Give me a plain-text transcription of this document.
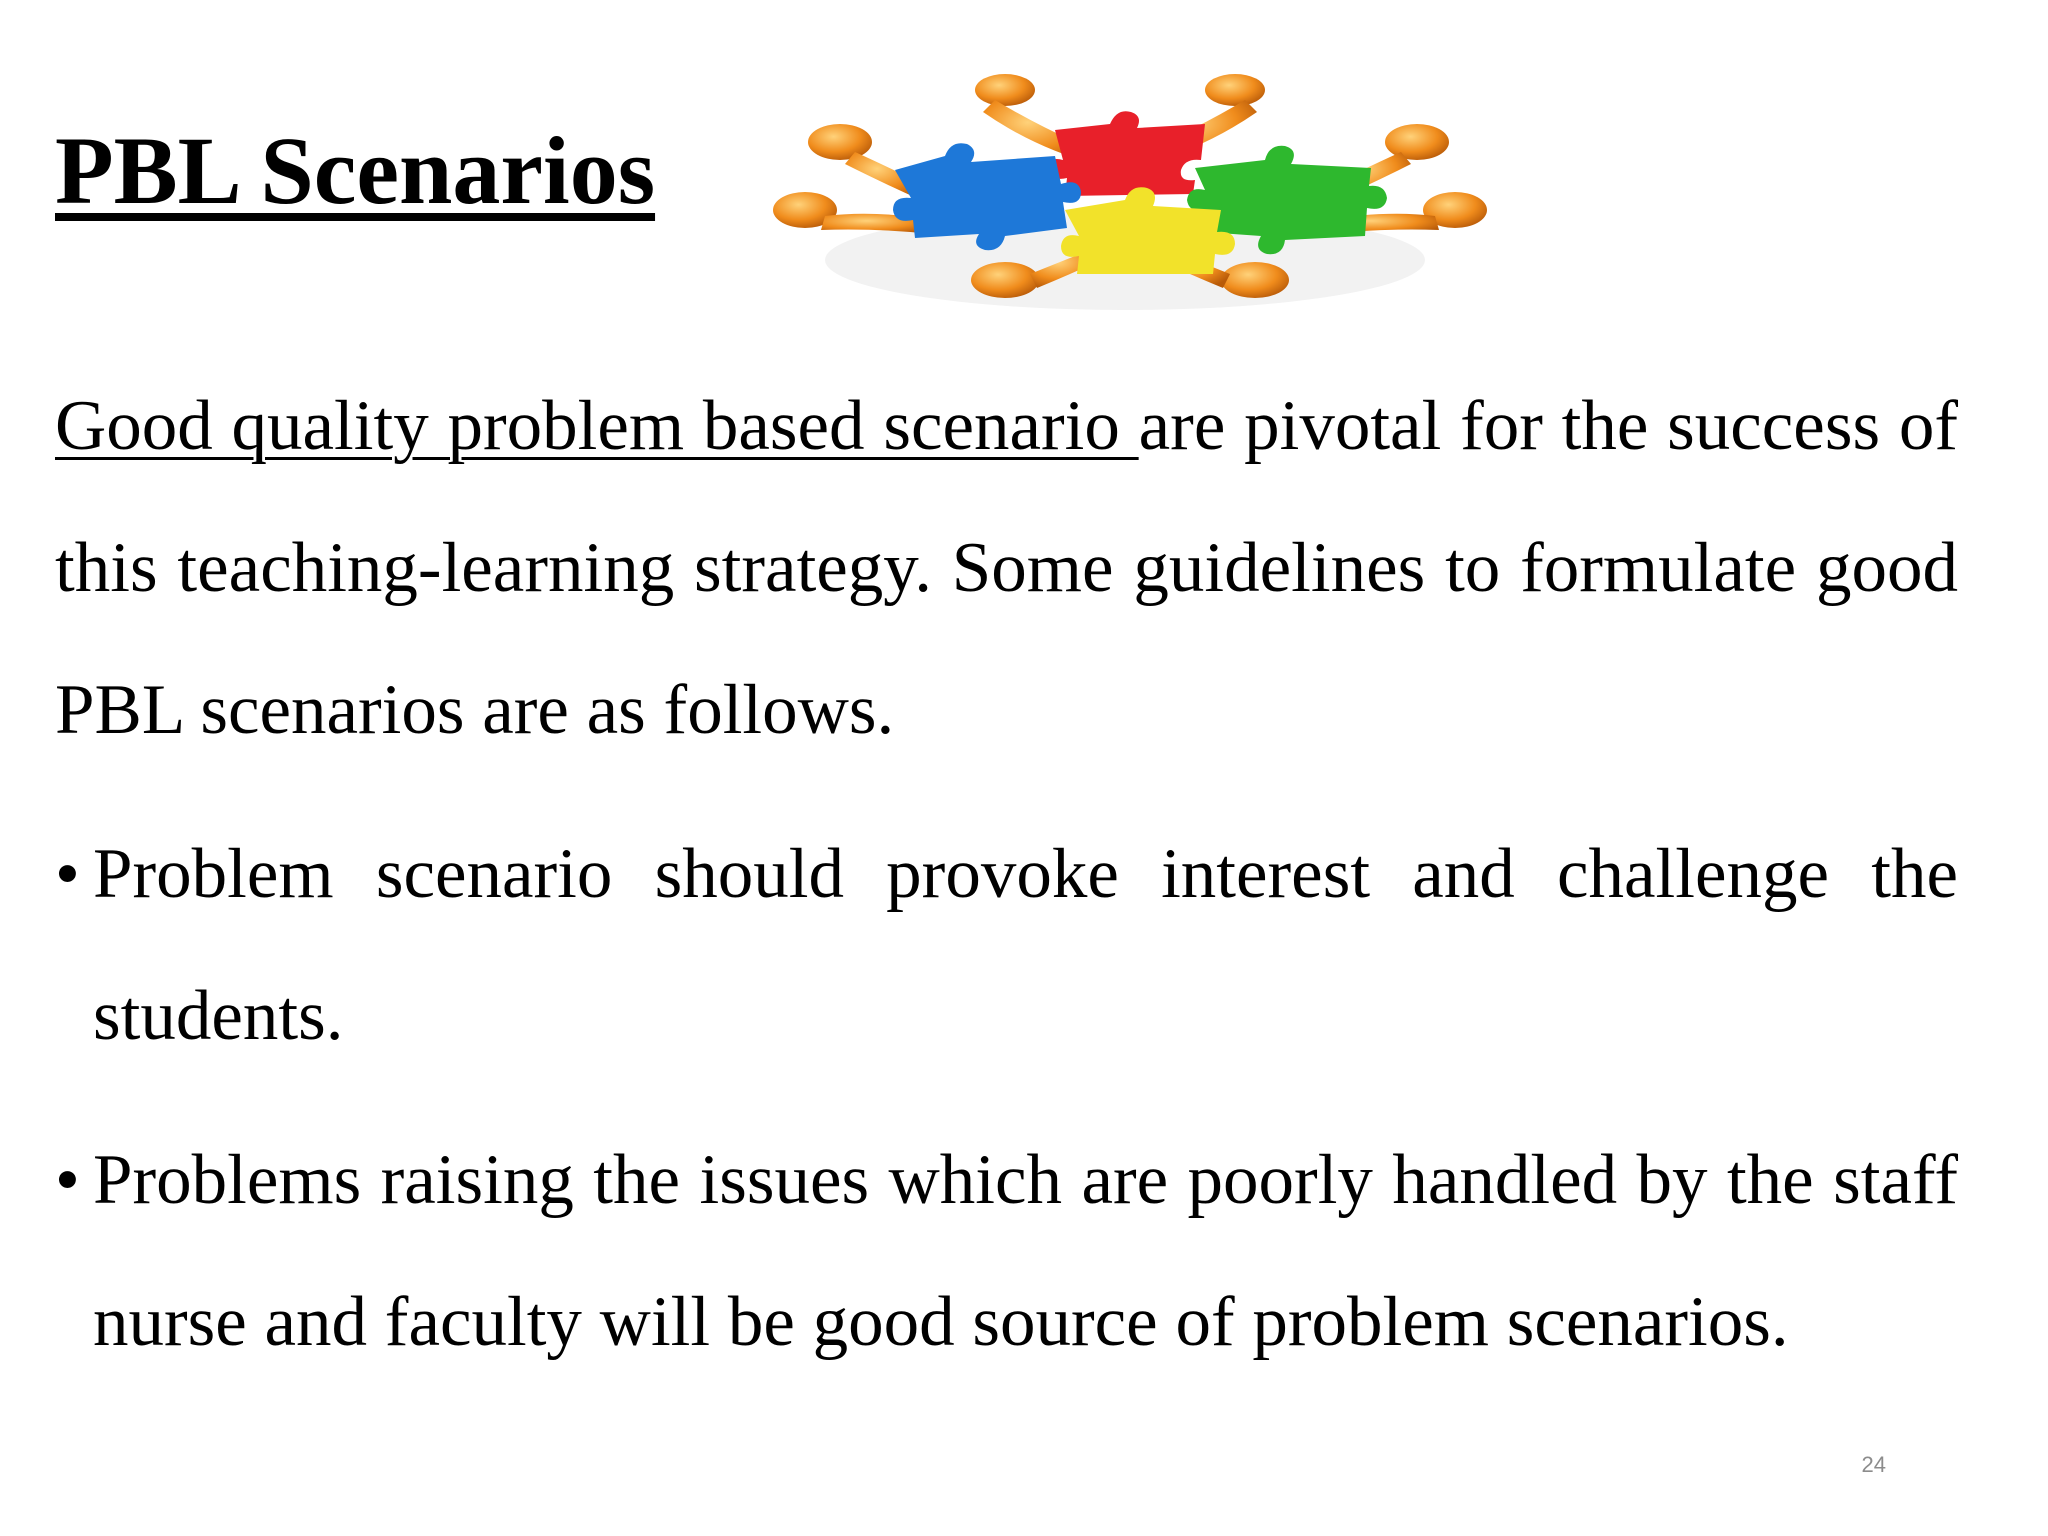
PBL Scenarios

Good quality problem based scenario are pivotal for the success of this teaching-learning strategy. Some guidelines to formulate good PBL scenarios are as follows.

•
Problem scenario should provoke interest and challenge the students.
•
Problems raising the issues which are poorly handled by the staff nurse and faculty will be good source of problem scenarios.
24
